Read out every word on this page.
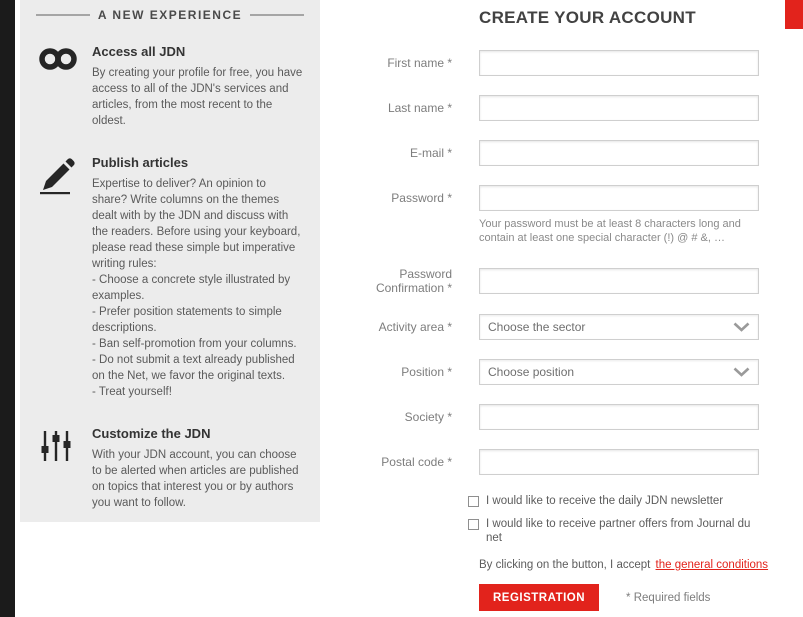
A NEW EXPERIENCE
Access all JDN
By creating your profile for free, you have access to all of the JDN's services and articles, from the most recent to the oldest.
Publish articles
Expertise to deliver? An opinion to share? Write columns on the themes dealt with by the JDN and discuss with the readers. Before using your keyboard, please read these simple but imperative writing rules:
- Choose a concrete style illustrated by examples.
- Prefer position statements to simple descriptions.
- Ban self-promotion from your columns.
- Do not submit a text already published on the Net, we favor the original texts.
- Treat yourself!
Customize the JDN
With your JDN account, you can choose to be alerted when articles are published on topics that interest you or by authors you want to follow.
CREATE YOUR ACCOUNT
First name *
Last name *
E-mail *
Password *
Your password must be at least 8 characters long and contain at least one special character (!) @ # &, …
Password Confirmation *
Activity area *	Choose the sector
Position *	Choose position
Society *
Postal code *
I would like to receive the daily JDN newsletter
I would like to receive partner offers from Journal du net

By clicking on the button, I accept the general conditions

REGISTRATION	* Required fields
